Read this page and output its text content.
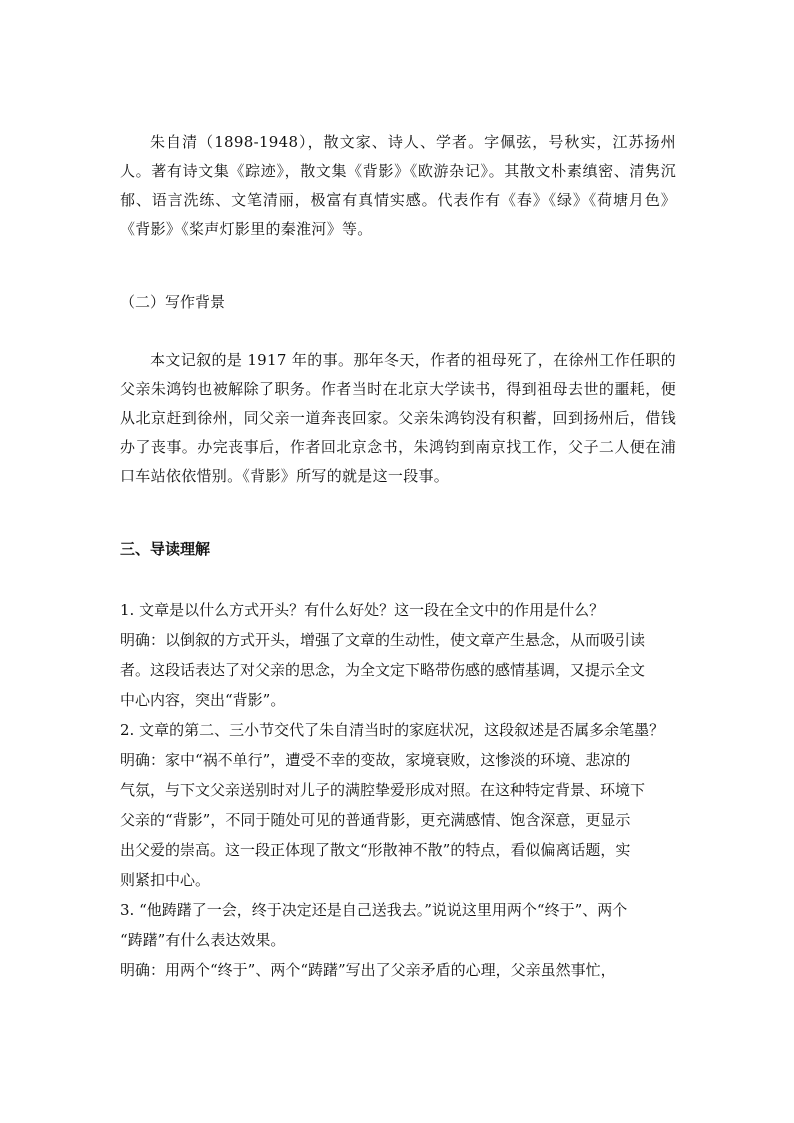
朱自清（1898-1948），散文家、诗人、学者。字佩弦，号秋实，江苏扬州人。著有诗文集《踪迹》，散文集《背影》《欧游杂记》。其散文朴素缜密、清隽沉郁、语言洗练、文笔清丽，极富有真情实感。代表作有《春》《绿》《荷塘月色》《背影》《桨声灯影里的秦淮河》等。

（二）写作背景

本文记叙的是 1917 年的事。那年冬天，作者的祖母死了，在徐州工作任职的父亲朱鸿钧也被解除了职务。作者当时在北京大学读书，得到祖母去世的噩耗，便从北京赶到徐州，同父亲一道奔丧回家。父亲朱鸿钧没有积蓄，回到扬州后，借钱办了丧事。办完丧事后，作者回北京念书，朱鸿钧到南京找工作，父子二人便在浦口车站依依惜别。《背影》所写的就是这一段事。

三、导读理解

1. 文章是以什么方式开头？有什么好处？这一段在全文中的作用是什么？

明确：以倒叙的方式开头，增强了文章的生动性，使文章产生悬念，从而吸引读

者。这段话表达了对父亲的思念，为全文定下略带伤感的感情基调，又提示全文

中心内容，突出“背影”。

2. 文章的第二、三小节交代了朱自清当时的家庭状况，这段叙述是否属多余笔墨？

明确：家中“祸不单行”，遭受不幸的变故，家境衰败，这惨淡的环境、悲凉的

气氛，与下文父亲送别时对儿子的满腔挚爱形成对照。在这种特定背景、环境下

父亲的“背影”，不同于随处可见的普通背影，更充满感情、饱含深意，更显示

出父爱的崇高。这一段正体现了散文“形散神不散”的特点，看似偏离话题，实

则紧扣中心。

3. “他踌躇了一会，终于决定还是自己送我去。”说说这里用两个“终于”、两个

“踌躇”有什么表达效果。

明确：用两个“终于”、两个“踌躇”写出了父亲矛盾的心理，父亲虽然事忙，
